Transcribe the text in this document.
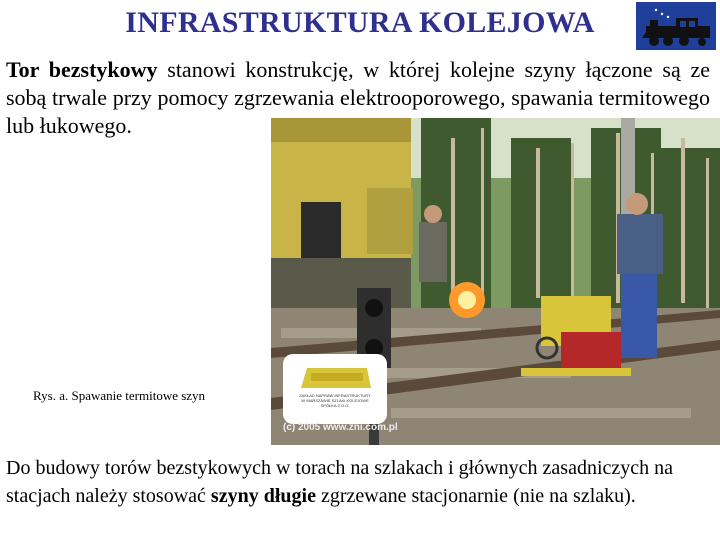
INFRASTRUKTURA KOLEJOWA
Tor bezstykowy stanowi konstrukcję, w której kolejne szyny łączone są ze sobą trwale przy pomocy zgrzewania elektrooporowego, spawania termitowego lub łukowego.
ZAKŁAD NAPRAW INFRASTRUKTURY
W WARSZAWIE SZLAKI KOLEJOWE
SPÓŁKA Z O.O.
(c) 2005 www.zni.com.pl
Rys. a. Spawanie termitowe szyn
Do budowy torów bezstykowych w torach na szlakach i głównych zasadniczych na stacjach należy stosować szyny długie zgrzewane stacjonarnie (nie na szlaku).
